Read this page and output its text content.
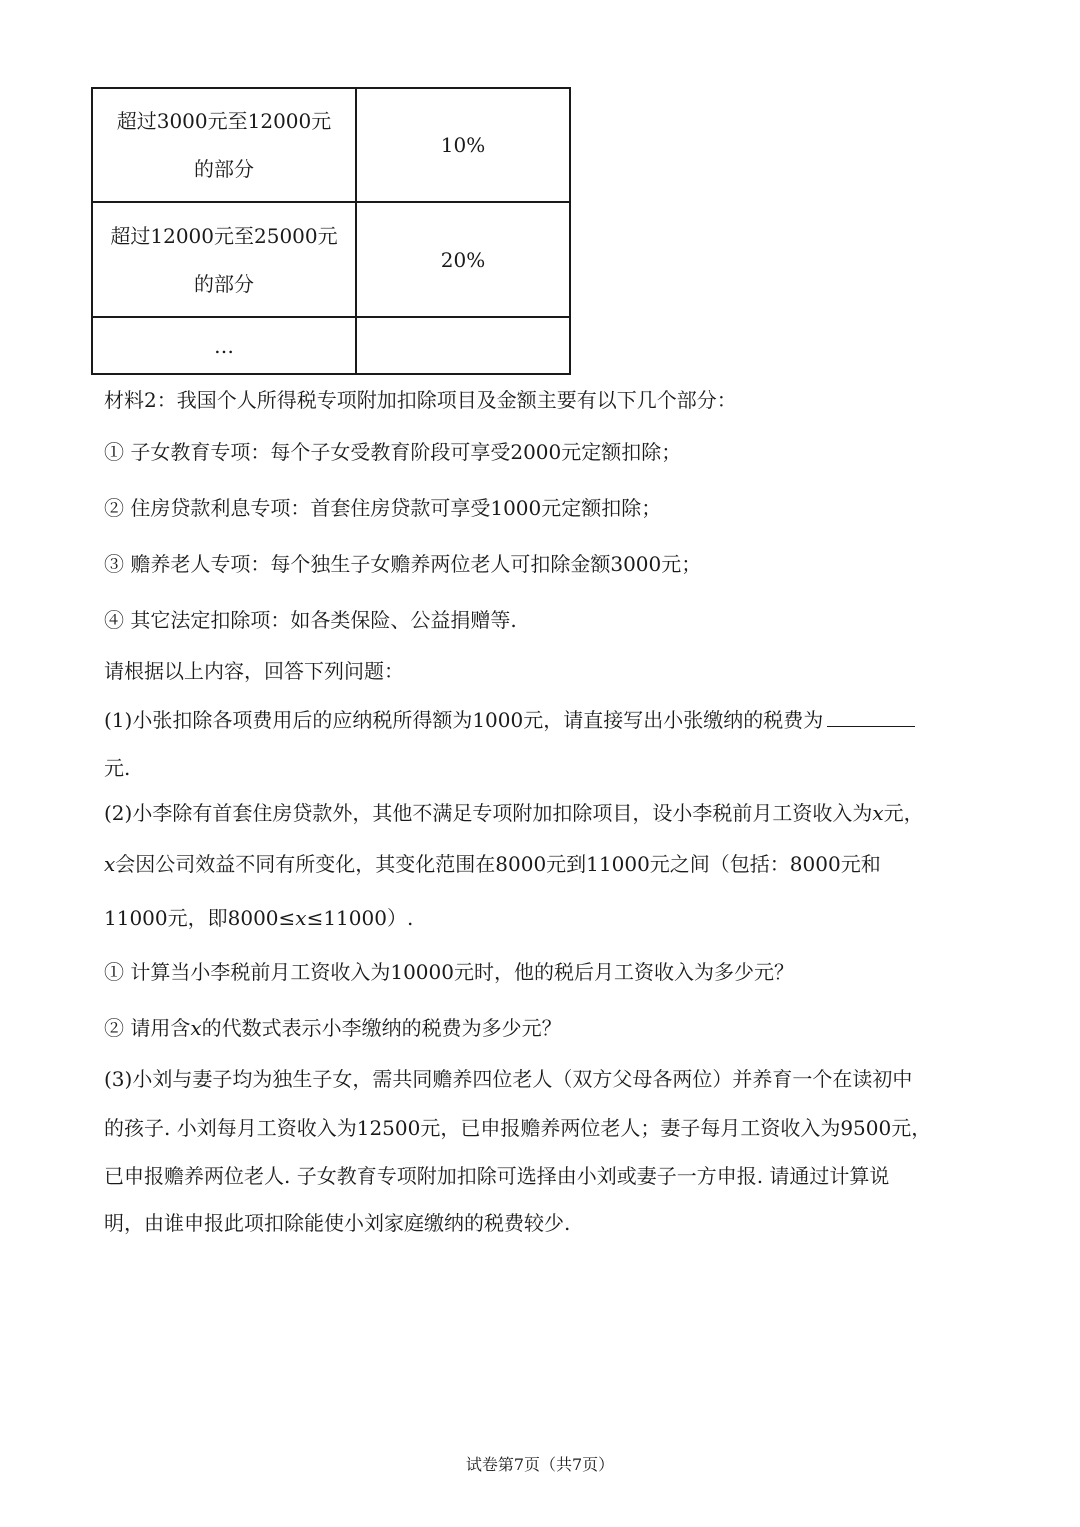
超过3000元至12000元
的部分	10%

超过12000元至25000元
的部分	20%
…	
材料2：我国个人所得税专项附加扣除项目及金额主要有以下几个部分：
① 子女教育专项：每个子女受教育阶段可享受2000元定额扣除；
② 住房贷款利息专项：首套住房贷款可享受1000元定额扣除；
③ 赡养老人专项：每个独生子女赡养两位老人可扣除金额3000元；
④ 其它法定扣除项：如各类保险、公益捐赠等.
请根据以上内容，回答下列问题：
(1)小张扣除各项费用后的应纳税所得额为1000元，请直接写出小张缴纳的税费为
元.
(2)小李除有首套住房贷款外，其他不满足专项附加扣除项目，设小李税前月工资收入为x元，
x会因公司效益不同有所变化，其变化范围在8000元到11000元之间（包括：8000元和
11000元，即8000≤x≤11000）.
① 计算当小李税前月工资收入为10000元时，他的税后月工资收入为多少元？
② 请用含x的代数式表示小李缴纳的税费为多少元？
(3)小刘与妻子均为独生子女，需共同赡养四位老人（双方父母各两位）并养育一个在读初中
的孩子. 小刘每月工资收入为12500元，已申报赡养两位老人；妻子每月工资收入为9500元，
已申报赡养两位老人. 子女教育专项附加扣除可选择由小刘或妻子一方申报. 请通过计算说
明，由谁申报此项扣除能使小刘家庭缴纳的税费较少.
试卷第7页（共7页）
